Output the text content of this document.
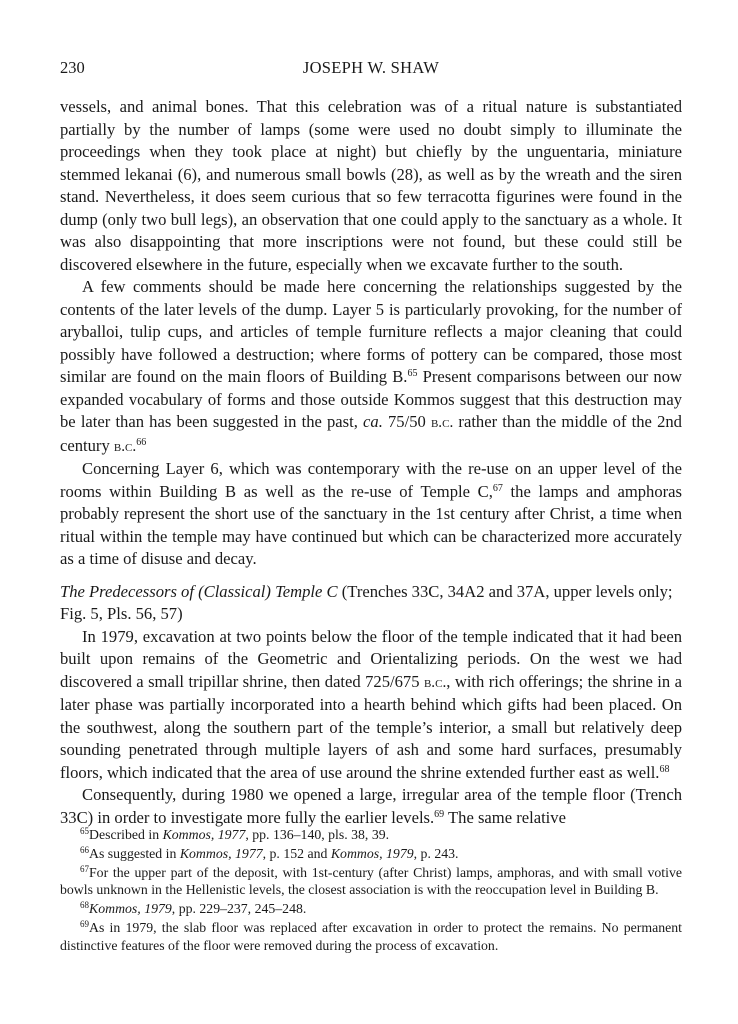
230	JOSEPH W. SHAW

vessels, and animal bones. That this celebration was of a ritual nature is substantiated partially by the number of lamps (some were used no doubt simply to illuminate the proceedings when they took place at night) but chiefly by the unguentaria, miniature stemmed lekanai (6), and numerous small bowls (28), as well as by the wreath and the siren stand. Nevertheless, it does seem curious that so few terracotta figurines were found in the dump (only two bull legs), an observation that one could apply to the sanctuary as a whole. It was also disappointing that more inscriptions were not found, but these could still be discovered elsewhere in the future, especially when we excavate further to the south.

A few comments should be made here concerning the relationships suggested by the contents of the later levels of the dump. Layer 5 is particularly provoking, for the number of aryballoi, tulip cups, and articles of temple furniture reflects a major cleaning that could possibly have followed a destruction; where forms of pottery can be compared, those most similar are found on the main floors of Building B.$^{65}$ Present comparisons between our now expanded vocabulary of forms and those outside Kommos suggest that this destruction may be later than has been suggested in the past, ca. 75/50 b.c. rather than the middle of the 2nd century b.c.$^{66}$

Concerning Layer 6, which was contemporary with the re-use on an upper level of the rooms within Building B as well as the re-use of Temple C,$^{67}$ the lamps and amphoras probably represent the short use of the sanctuary in the 1st century after Christ, a time when ritual within the temple may have continued but which can be characterized more accurately as a time of disuse and decay.

The Predecessors of (Classical) Temple C (Trenches 33C, 34A2 and 37A, upper levels only; Fig. 5, Pls. 56, 57)

In 1979, excavation at two points below the floor of the temple indicated that it had been built upon remains of the Geometric and Orientalizing periods. On the west we had discovered a small tripillar shrine, then dated 725/675 b.c., with rich offerings; the shrine in a later phase was partially incorporated into a hearth behind which gifts had been placed. On the southwest, along the southern part of the temple’s interior, a small but relatively deep sounding penetrated through multiple layers of ash and some hard surfaces, presumably floors, which indicated that the area of use around the shrine extended further east as well.$^{68}$

Consequently, during 1980 we opened a large, irregular area of the temple floor (Trench 33C) in order to investigate more fully the earlier levels.$^{69}$ The same relative

$^{65}$Described in Kommos, 1977, pp. 136–140, pls. 38, 39.

$^{66}$As suggested in Kommos, 1977, p. 152 and Kommos, 1979, p. 243.

$^{67}$For the upper part of the deposit, with 1st-century (after Christ) lamps, amphoras, and with small votive bowls unknown in the Hellenistic levels, the closest association is with the reoccupation level in Building B.

$^{68}$Kommos, 1979, pp. 229–237, 245–248.

$^{69}$As in 1979, the slab floor was replaced after excavation in order to protect the remains. No permanent distinctive features of the floor were removed during the process of excavation.
